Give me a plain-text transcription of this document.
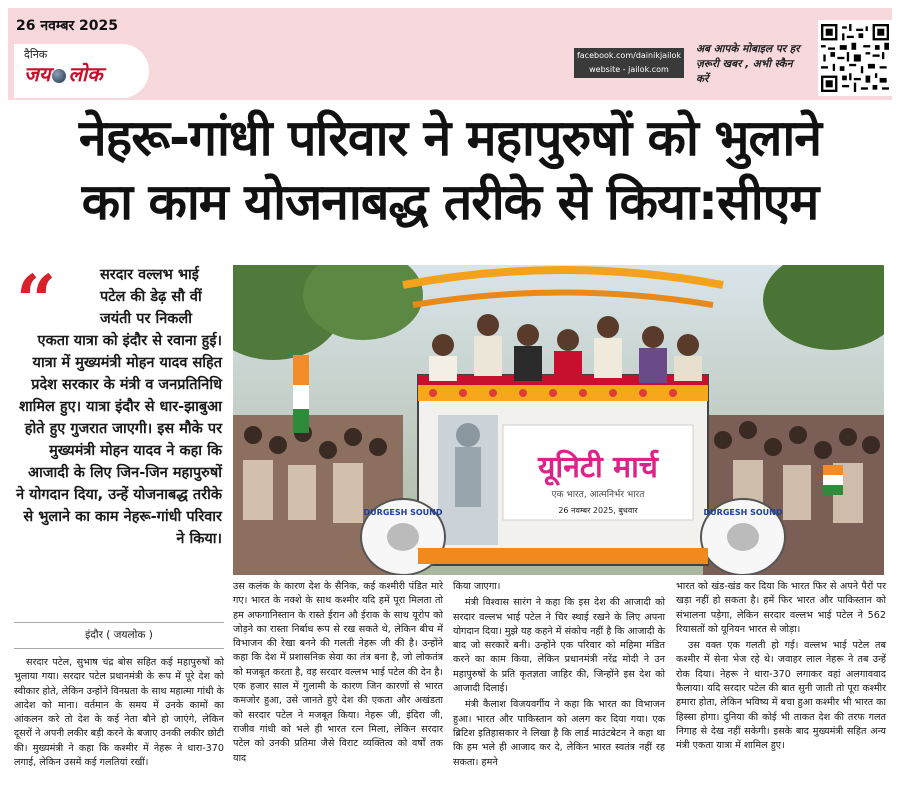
26 नवम्बर 2025
दैनिक
जय लोक
facebook.com/dainikjailok
website - jailok.com
अब आपके मोबाइल पर हर ज़रूरी खबर , अभी स्कैन करें
नेहरू-गांधी परिवार ने महापुरुषों को भुलाने
का काम योजनाबद्ध तरीके से किया:सीएम
“	सरदार वल्लभ भाई पटेल की डेढ़ सौ वीं जयंती पर निकली
एकता यात्रा को इंदौर से रवाना हुई। यात्रा में मुख्यमंत्री मोहन यादव सहित प्रदेश सरकार के मंत्री व जनप्रतिनिधि शामिल हुए। यात्रा इंदौर से धार-झाबुआ होते हुए गुजरात जाएगी। इस मौके पर मुख्यमंत्री मोहन यादव ने कहा कि आजादी के लिए जिन-जिन महापुरुषों ने योगदान दिया, उन्हें योजनाबद्ध तरीके से भुलाने का काम नेहरू-गांधी परिवार ने किया।
इंदौर ( जयलोक )
यूनिटी मार्च
एक भारत, आत्मनिर्भर भारत
26 नवम्बर 2025, बुधवार
DURGESH SOUND	DURGESH SOUND

सरदार पटेल, सुभाष चंद्र बोस सहित कई महापुरुषों को भुलाया गया। सरदार पटेल प्रधानमंत्री के रूप में पूरे देश को स्वीकार होते, लेकिन उन्होंने विनम्रता के साथ महात्मा गांधी के आदेश को माना। वर्तमान के समय में उनके कामों का आंकलन करे तो देश के कई नेता बौने हो जाएंगे, लेकिन दूसरों ने अपनी लकीर बड़ी करने के बजाए उनकी लकीर छोटी की। मुख्यमंत्री ने कहा कि कश्मीर में नेहरू ने धारा-370 लगाई, लेकिन उसमें कई गलतियां रखीं।

उस कलंक के कारण देश के सैनिक, कई कश्मीरी पंडित मारे गए। भारत के नक्शे के साथ कश्मीर यदि हमें पूरा मिलता तो हम अफगानिस्तान के रास्ते ईरान औ ईराक के साथ यूरोप को जोड़ने का रास्ता निर्बाध रूप से रख सकते थे, लेकिन बीच में विभाजन की रेखा बनने की गलती नेहरू जी की है। उन्होंने कहा कि देश में प्रशासनिक सेवा का तंत्र बना है, जो लोकतंत्र को मजबूत करता है, वह सरदार वल्लभ भाई पटेल की देन है। एक हजार साल में गुलामी के कारण जिन कारणों से भारत कमजोर हुआ, उसे जानते हुऐ देश की एकता और अखंडता को सरदार पटेल ने मजबूत किया। नेहरू जी, इंदिरा जी, राजीव गांधी को भले ही भारत रत्न मिला, लेकिन सरदार पटेल को उनकी प्रतिमा जैसे विराट व्यक्तित्व को वर्षों तक याद

किया जाएगा।

मंत्री विश्वास सारंग ने कहा कि इस देश की आजादी को सरदार वल्लभ भाई पटेल ने चिर स्थाई रखने के लिए अपना योगदान दिया। मुझे यह कहने में संकोच नहीं है कि आजादी के बाद जो सरकारें बनी। उन्होंने एक परिवार को महिमा मंडित करने का काम किया, लेकिन प्रधानमंत्री नरेंद्र मोदी ने उन महापुरुषों के प्रति कृतज्ञता जाहिर की, जिन्होंने इस देश को आजादी दिलाई।

मंत्री कैलाश विजयवर्गीय ने कहा कि भारत का विभाजन हुआ। भारत और पाकिस्तान को अलग कर दिया गया। एक ब्रिटिश इतिहासकार ने लिखा है कि लार्ड माउंटबेटन ने कहा था कि हम भले ही आजाद कर दे, लेकिन भारत स्वतंत्र नहीं रह सकता। हमने

भारत को खंड-खंड कर दिया कि भारत फिर से अपने पैरों पर खड़ा नहीं हो सकता है। हमें फिर भारत और पाकिस्तान को संभालना पड़ेगा, लेकिन सरदार वल्लभ भाई पटेल ने 562 रियासतों को यूनियन भारत से जोड़ा।

उस वक्त एक गलती हो गई। वल्लभ भाई पटेल तब कश्मीर में सेना भेज रहे थे। जवाहर लाल नेहरू ने तब उन्हें रोक दिया। नेहरू ने धारा-370 लगाकर वहां अलगाववाद फैलाया। यदि सरदार पटेल की बात सुनी जाती तो पूरा कश्मीर हमारा होता, लेकिन भविष्य में बचा हुआ कश्मीर भी भारत का हिस्सा होगा। दुनिया की कोई भी ताकत देश की तरफ गलत निगाह से देख नहीं सकेगी। इसके बाद मुख्यमंत्री सहित अन्य मंत्री एकता यात्रा में शामिल हुए।
